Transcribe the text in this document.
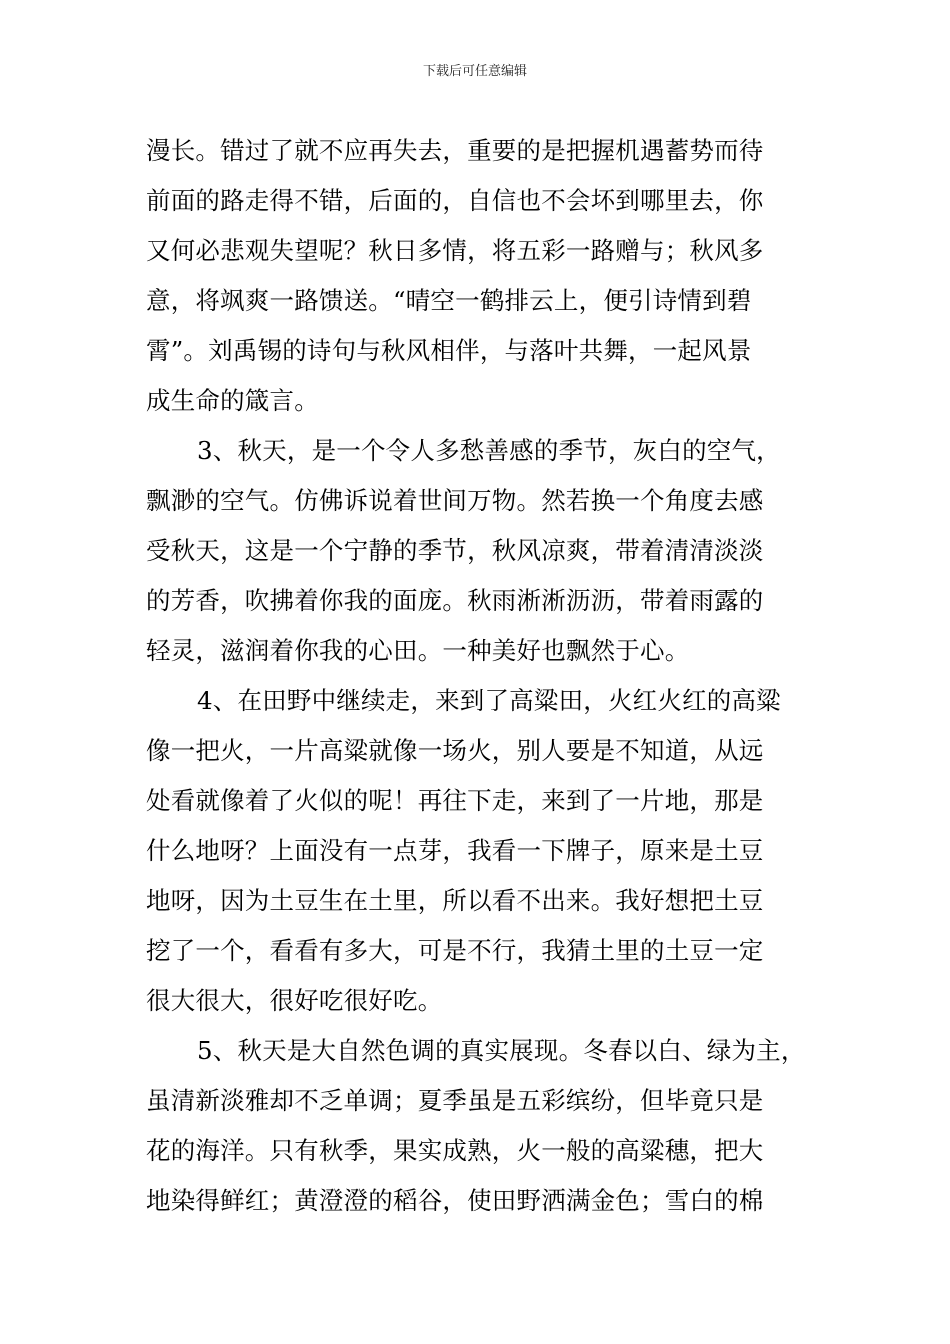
下载后可任意编辑
漫长。错过了就不应再失去，重要的是把握机遇蓄势而待
前面的路走得不错，后面的，自信也不会坏到哪里去，你
又何必悲观失望呢？秋日多情，将五彩一路赠与；秋风多
意，将飒爽一路馈送。“晴空一鹤排云上，便引诗情到碧
霄”。刘禹锡的诗句与秋风相伴，与落叶共舞，一起风景
成生命的箴言。
3、秋天，是一个令人多愁善感的季节，灰白的空气，
飘渺的空气。仿佛诉说着世间万物。然若换一个角度去感
受秋天，这是一个宁静的季节，秋风凉爽，带着清清淡淡
的芳香，吹拂着你我的面庞。秋雨淅淅沥沥，带着雨露的
轻灵，滋润着你我的心田。一种美好也飘然于心。
4、在田野中继续走，来到了高粱田，火红火红的高粱
像一把火，一片高粱就像一场火，别人要是不知道，从远
处看就像着了火似的呢！再往下走，来到了一片地，那是
什么地呀？上面没有一点芽，我看一下牌子，原来是土豆
地呀，因为土豆生在土里，所以看不出来。我好想把土豆
挖了一个，看看有多大，可是不行，我猜土里的土豆一定
很大很大，很好吃很好吃。
5、秋天是大自然色调的真实展现。冬春以白、绿为主，
虽清新淡雅却不乏单调；夏季虽是五彩缤纷，但毕竟只是
花的海洋。只有秋季，果实成熟，火一般的高粱穗，把大
地染得鲜红；黄澄澄的稻谷，使田野洒满金色；雪白的棉
